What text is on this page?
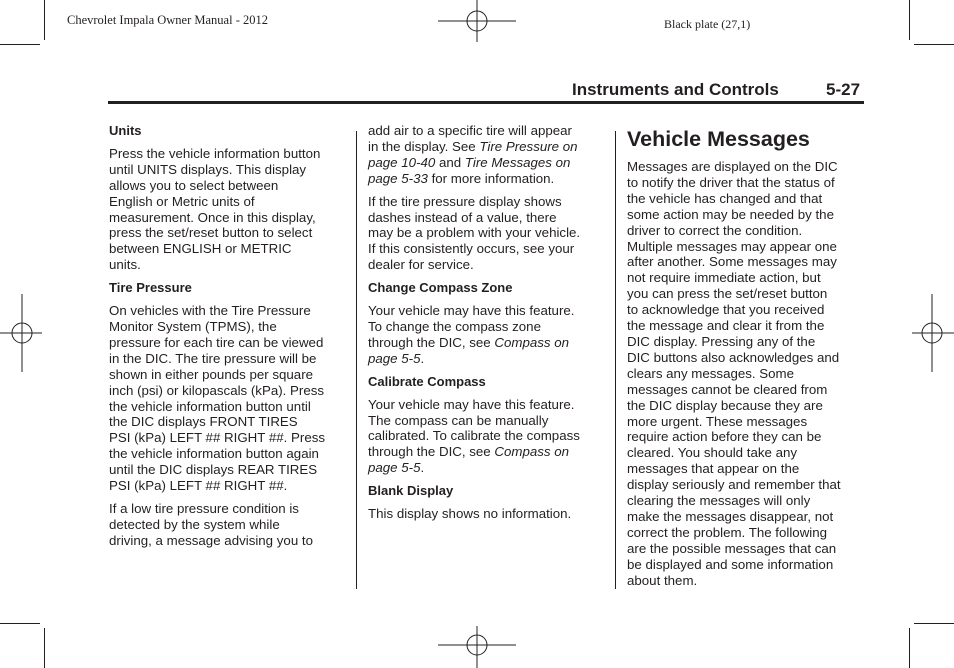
Chevrolet Impala Owner Manual - 2012	Black plate (27,1)
Instruments and Controls	5-27
Units
Press the vehicle information button
until UNITS displays. This display
allows you to select between
English or Metric units of
measurement. Once in this display,
press the set/reset button to select
between ENGLISH or METRIC
units.
Tire Pressure
On vehicles with the Tire Pressure
Monitor System (TPMS), the
pressure for each tire can be viewed
in the DIC. The tire pressure will be
shown in either pounds per square
inch (psi) or kilopascals (kPa). Press
the vehicle information button until
the DIC displays FRONT TIRES
PSI (kPa) LEFT ## RIGHT ##. Press
the vehicle information button again
until the DIC displays REAR TIRES
PSI (kPa) LEFT ## RIGHT ##.
If a low tire pressure condition is
detected by the system while
driving, a message advising you to
add air to a specific tire will appear
in the display. See Tire Pressure on
page 10-40 and Tire Messages on
page 5-33 for more information.
If the tire pressure display shows
dashes instead of a value, there
may be a problem with your vehicle.
If this consistently occurs, see your
dealer for service.
Change Compass Zone
Your vehicle may have this feature.
To change the compass zone
through the DIC, see Compass on
page 5-5.
Calibrate Compass
Your vehicle may have this feature.
The compass can be manually
calibrated. To calibrate the compass
through the DIC, see Compass on
page 5-5.
Blank Display
This display shows no information.
Vehicle Messages
Messages are displayed on the DIC
to notify the driver that the status of
the vehicle has changed and that
some action may be needed by the
driver to correct the condition.
Multiple messages may appear one
after another. Some messages may
not require immediate action, but
you can press the set/reset button
to acknowledge that you received
the message and clear it from the
DIC display. Pressing any of the
DIC buttons also acknowledges and
clears any messages. Some
messages cannot be cleared from
the DIC display because they are
more urgent. These messages
require action before they can be
cleared. You should take any
messages that appear on the
display seriously and remember that
clearing the messages will only
make the messages disappear, not
correct the problem. The following
are the possible messages that can
be displayed and some information
about them.
